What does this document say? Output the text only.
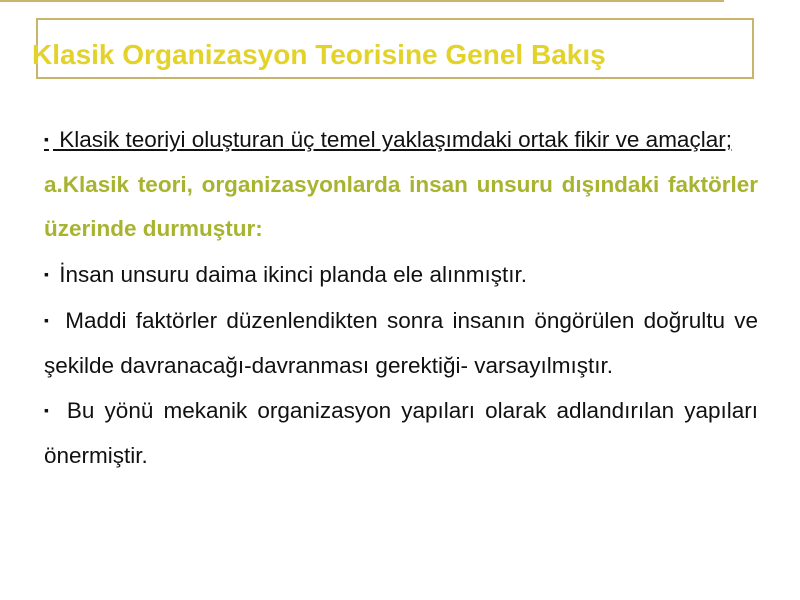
Klasik Organizasyon Teorisine Genel Bakış

▪ Klasik teoriyi oluşturan üç temel yaklaşımdaki ortak fikir ve amaçlar;

a.Klasik teori, organizasyonlarda insan unsuru dışındaki faktörler üzerinde durmuştur:

▪ İnsan unsuru daima ikinci planda ele alınmıştır.

▪ Maddi faktörler düzenlendikten sonra insanın öngörülen doğrultu ve şekilde davranacağı-davranması gerektiği- varsayılmıştır.

▪ Bu yönü mekanik organizasyon yapıları olarak adlandırılan yapıları önermiştir.
